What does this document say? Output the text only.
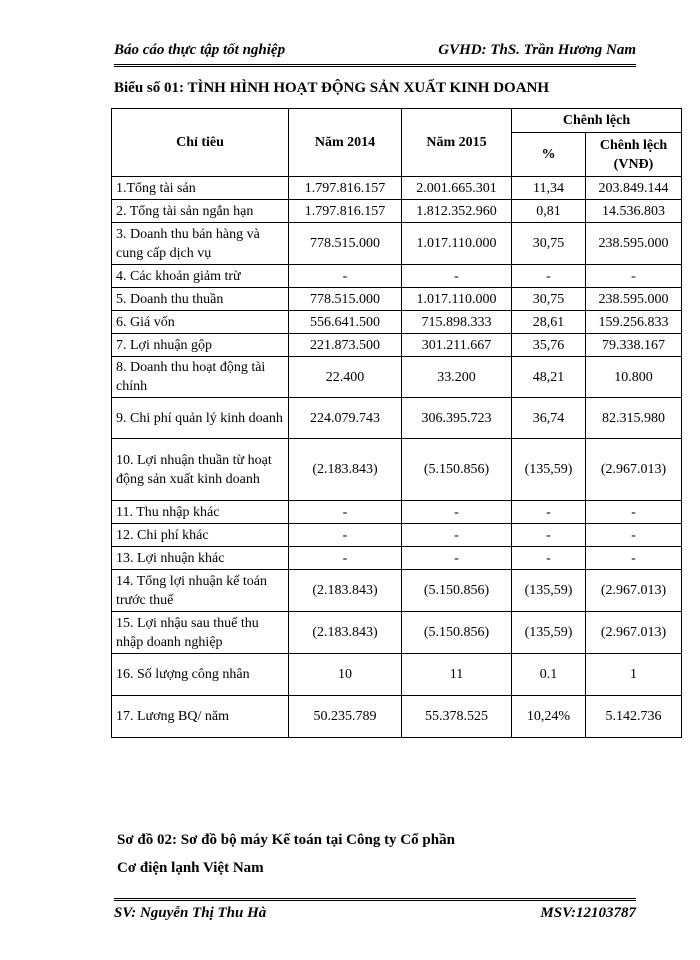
Báo cáo thực tập tốt nghiệp	GVHD: ThS. Trần Hương Nam
Biểu số 01: TÌNH HÌNH HOẠT ĐỘNG SẢN XUẤT KINH DOANH
Chỉ tiêu	Năm 2014	Năm 2015	Chênh lệch	
			%	Chênh lệch (VNĐ)
1.Tổng tài sản	1.797.816.157	2.001.665.301	11,34	203.849.144
2. Tổng tài sản ngắn hạn	1.797.816.157	1.812.352.960	0,81	14.536.803
3. Doanh thu bán hàng và cung cấp dịch vụ	778.515.000	1.017.110.000	30,75	238.595.000
4. Các khoản giảm trừ	-	-	-	-
5. Doanh thu thuần	778.515.000	1.017.110.000	30,75	238.595.000
6. Giá vốn	556.641.500	715.898.333	28,61	159.256.833
7. Lợi nhuận gộp	221.873.500	301.211.667	35,76	79.338.167
8. Doanh thu hoạt động tài chính	22.400	33.200	48,21	10.800
9. Chi phí quản lý kinh doanh	224.079.743	306.395.723	36,74	82.315.980
10. Lợi nhuận thuần từ hoạt động sản xuất kinh doanh	(2.183.843)	(5.150.856)	(135,59)	(2.967.013)
11. Thu nhập khác	-	-	-	-
12. Chi phí khác	-	-	-	-
13. Lợi nhuận khác	-	-	-	-
14. Tổng lợi nhuận kế toán trước thuế	(2.183.843)	(5.150.856)	(135,59)	(2.967.013)
15. Lợi nhậu sau thuế thu nhập doanh nghiệp	(2.183.843)	(5.150.856)	(135,59)	(2.967.013)
16. Số lượng công nhân	10	11	0.1	1
17. Lương BQ/ năm	50.235.789	55.378.525	10,24%	5.142.736
Sơ đồ 02: Sơ đồ bộ máy Kế toán tại Công ty Cổ phần
Cơ điện lạnh Việt Nam
SV: Nguyễn Thị Thu Hà	MSV:12103787
